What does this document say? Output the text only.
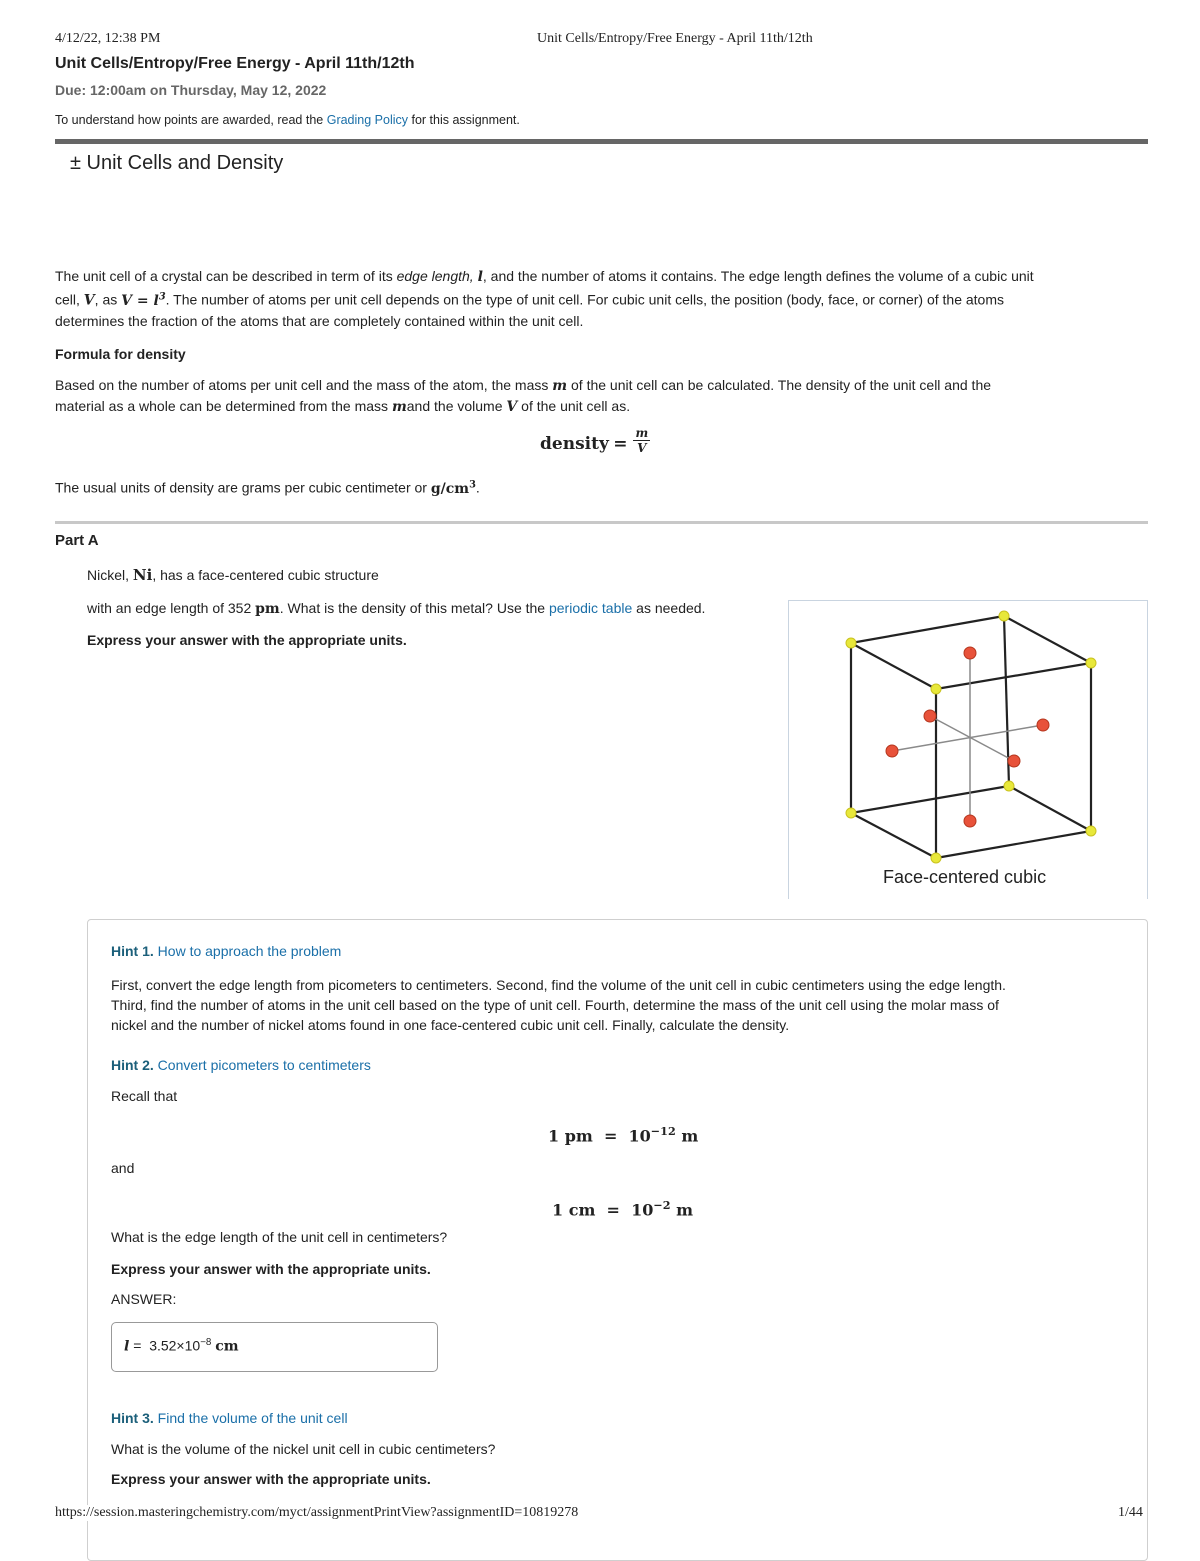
4/12/22, 12:38 PM	Unit Cells/Entropy/Free Energy - April 11th/12th
Unit Cells/Entropy/Free Energy - April 11th/12th
Due: 12:00am on Thursday, May 12, 2022
To understand how points are awarded, read the Grading Policy for this assignment.
± Unit Cells and Density
The unit cell of a crystal can be described in term of its edge length, l, and the number of atoms it contains. The edge length defines the volume of a cubic unit
cell, V, as $V = l^3$. The number of atoms per unit cell depends on the type of unit cell. For cubic unit cells, the position (body, face, or corner) of the atoms
determines the fraction of the atoms that are completely contained within the unit cell.
Formula for density
Based on the number of atoms per unit cell and the mass of the atom, the mass m of the unit cell can be calculated. The density of the unit cell and the
material as a whole can be determined from the mass mand the volume V of the unit cell as.
density = $\frac{m}{V}$
The usual units of density are grams per cubic centimeter or $g/cm^3$.
Part A
Nickel, Ni, has a face-centered cubic structure
with an edge length of 352 pm. What is the density of this metal? Use the periodic table as needed.
Express your answer with the appropriate units.
Face-centered cubic
Hint 1. How to approach the problem
First, convert the edge length from picometers to centimeters. Second, find the volume of the unit cell in cubic centimeters using the edge length.
Third, find the number of atoms in the unit cell based on the type of unit cell. Fourth, determine the mass of the unit cell using the molar mass of
nickel and the number of nickel atoms found in one face-centered cubic unit cell. Finally, calculate the density.
Hint 2. Convert picometers to centimeters
Recall that
1 pm  =  $10^{-12}$ m
and
1 cm  =  $10^{-2}$ m
What is the edge length of the unit cell in centimeters?
Express your answer with the appropriate units.
ANSWER:
$l = 3.52\times 10^{-8}$ cm
Hint 3. Find the volume of the unit cell
What is the volume of the nickel unit cell in cubic centimeters?
Express your answer with the appropriate units.
https://session.masteringchemistry.com/myct/assignmentPrintView?assignmentID=10819278	1/44
